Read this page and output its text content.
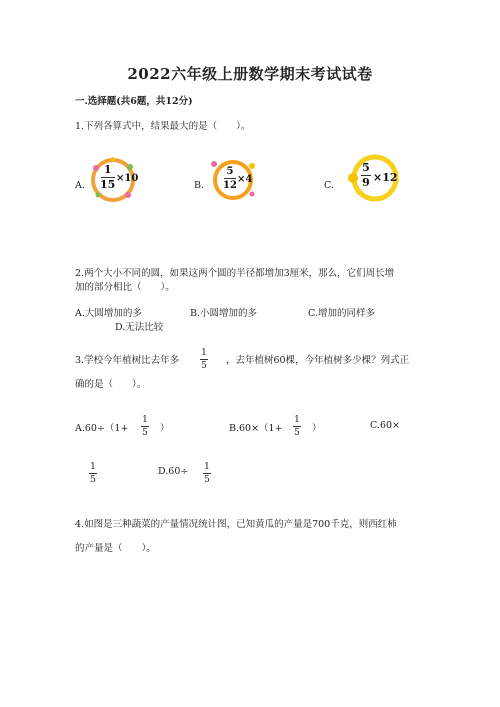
2022六年级上册数学期末考试试卷
一.选择题(共6题，共12分)
1.下列各算式中，结果最大的是（　　）。
A. $\frac{1}{15} \times 10$
B. $\frac{5}{12} \times 4$
C. $\frac{5}{9} \times 12$
2.两个大小不同的圆，如果这两个圆的半径都增加3厘米，那么，它们周长增
加的部分相比（　　）。
A.大圆增加的多	B.小圆增加的多	C.增加的同样多
D.无法比较
3.学校今年植树比去年多 $\frac{1}{5}$ ，去年植树60棵，今年植树多少棵？列式正
确的是（　　）。
$A.60\div(1+ \frac{1}{5}$ ）	$B.60\times(1+ \frac{1}{5}$ ）	C.60×
$\frac{1}{5}$	$D.60\div \frac{1}{5}$
4.如图是三种蔬菜的产量情况统计图，已知黄瓜的产量是700千克，则西红柿
的产量是（　　）。
